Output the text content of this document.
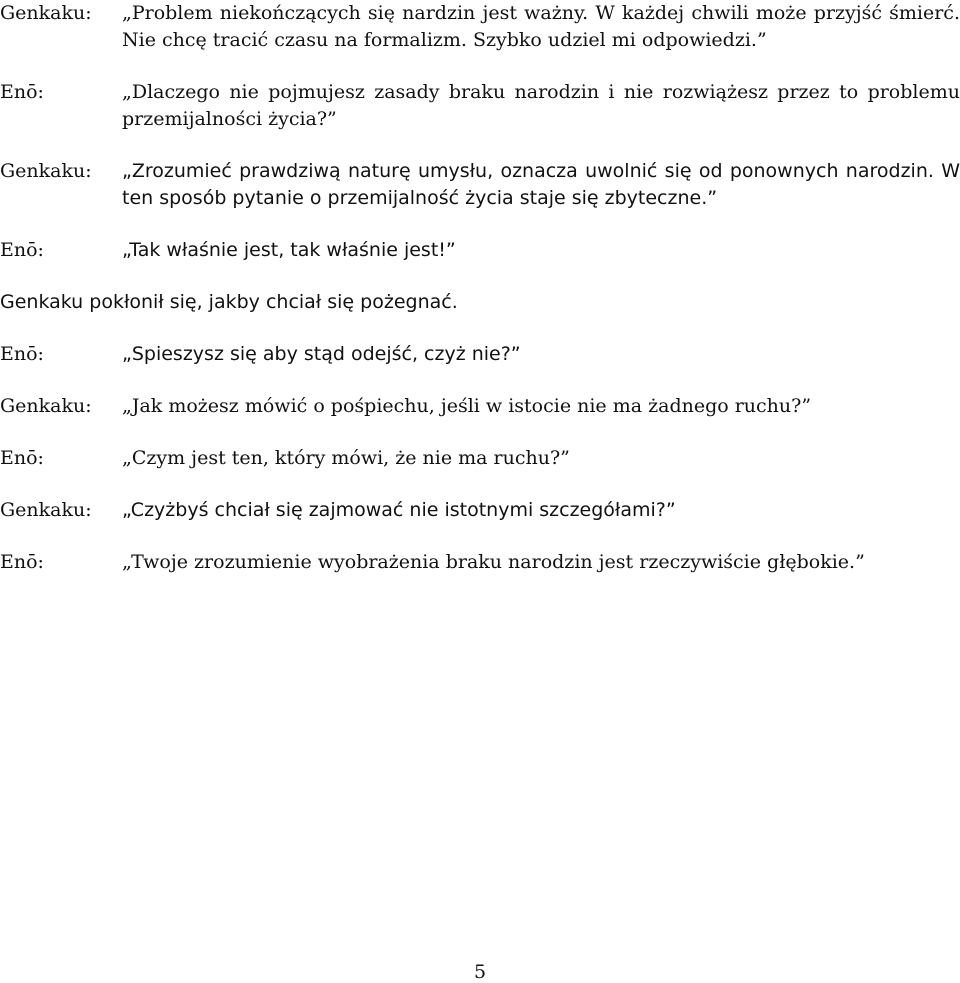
Genkaku:	„Problem niekończących się nardzin jest ważny. W każdej chwili może przyjść śmierć. Nie chcę tracić czasu na formalizm. Szybko udziel mi odpowiedzi.”
Enō:	„Dlaczego nie pojmujesz zasady braku narodzin i nie rozwiążesz przez to problemu przemijalności życia?”
Genkaku:	„Zrozumieć prawdziwą naturę umysłu, oznacza uwolnić się od ponownych narodzin. W ten sposób pytanie o przemijalność życia staje się zbyteczne.”
Enō:	„Tak właśnie jest, tak właśnie jest!”
Genkaku pokłonił się, jakby chciał się pożegnać.
Enō:	„Spieszysz się aby stąd odejść, czyż nie?”
Genkaku:	„Jak możesz mówić o pośpiechu, jeśli w istocie nie ma żadnego ruchu?”
Enō:	„Czym jest ten, który mówi, że nie ma ruchu?”
Genkaku:	„Czyżbyś chciał się zajmować nie istotnymi szczegółami?”
Enō:	„Twoje zrozumienie wyobrażenia braku narodzin jest rzeczywiście głębokie.”
5
